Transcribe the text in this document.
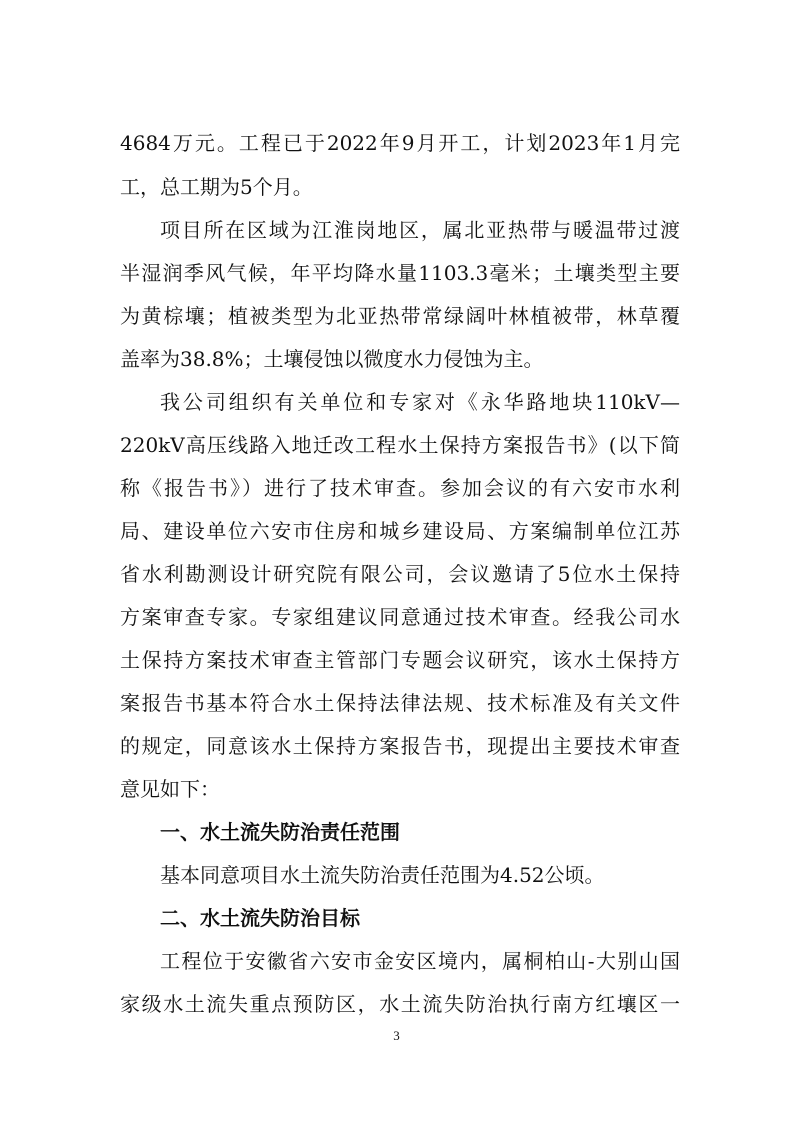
4684万元。工程已于2022年9月开工，计划2023年1月完
工，总工期为5个月。
项目所在区域为江淮岗地区，属北亚热带与暖温带过渡
半湿润季风气候，年平均降水量1103.3毫米；土壤类型主要
为黄棕壤；植被类型为北亚热带常绿阔叶林植被带，林草覆
盖率为38.8%；土壤侵蚀以微度水力侵蚀为主。
我公司组织有关单位和专家对《永华路地块110kV—
220kV高压线路入地迁改工程水土保持方案报告书》(以下简
称《报告书》）进行了技术审查。参加会议的有六安市水利
局、建设单位六安市住房和城乡建设局、方案编制单位江苏
省水利勘测设计研究院有限公司，会议邀请了5位水土保持
方案审查专家。专家组建议同意通过技术审查。经我公司水
土保持方案技术审查主管部门专题会议研究，该水土保持方
案报告书基本符合水土保持法律法规、技术标准及有关文件
的规定，同意该水土保持方案报告书，现提出主要技术审查
意见如下：
一、水土流失防治责任范围
基本同意项目水土流失防治责任范围为4.52公顷。
二、水土流失防治目标
工程位于安徽省六安市金安区境内，属桐柏山-大别山国
家级水土流失重点预防区，水土流失防治执行南方红壤区一
3
